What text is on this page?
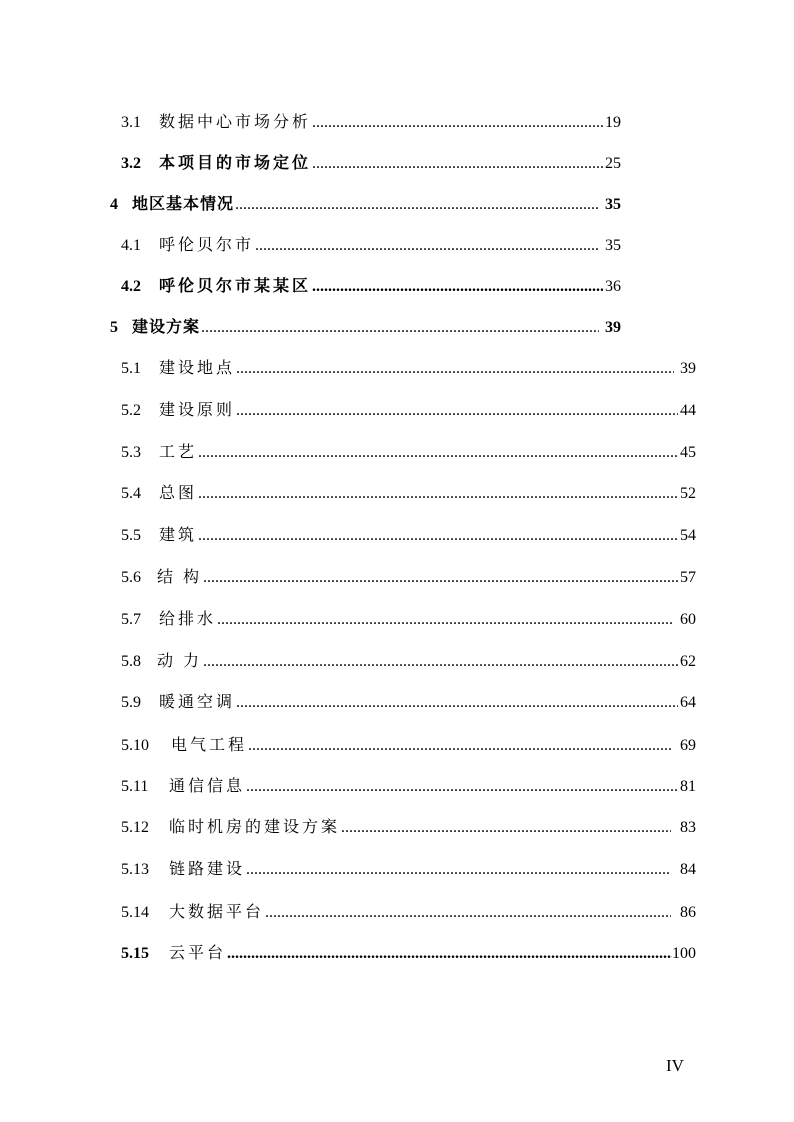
3.1	数据中心市场分析 .....	19
3.2	本项目的市场定位 .....	25
4 地区基本情况 .....	35
4.1	呼伦贝尔市 .....	35
4.2	呼伦贝尔市某某区 .....	36
5 建设方案 .....	39
5.1	建设地点 .....	39
5.2	建设原则 .....	44
5.3	工艺 .....	45
5.4	总图 .....	52
5.5	建筑 .....	54
5.6	结 构 .....	57
5.7	给排水 .....	60
5.8	动 力 .....	62
5.9	暖通空调 .....	64
5.10	电气工程 .....	69
5.11	通信信息 .....	81
5.12	临时机房的建设方案 .....	83
5.13	链路建设 .....	84
5.14	大数据平台 .....	86
5.15	云平台 .....	100
IV
